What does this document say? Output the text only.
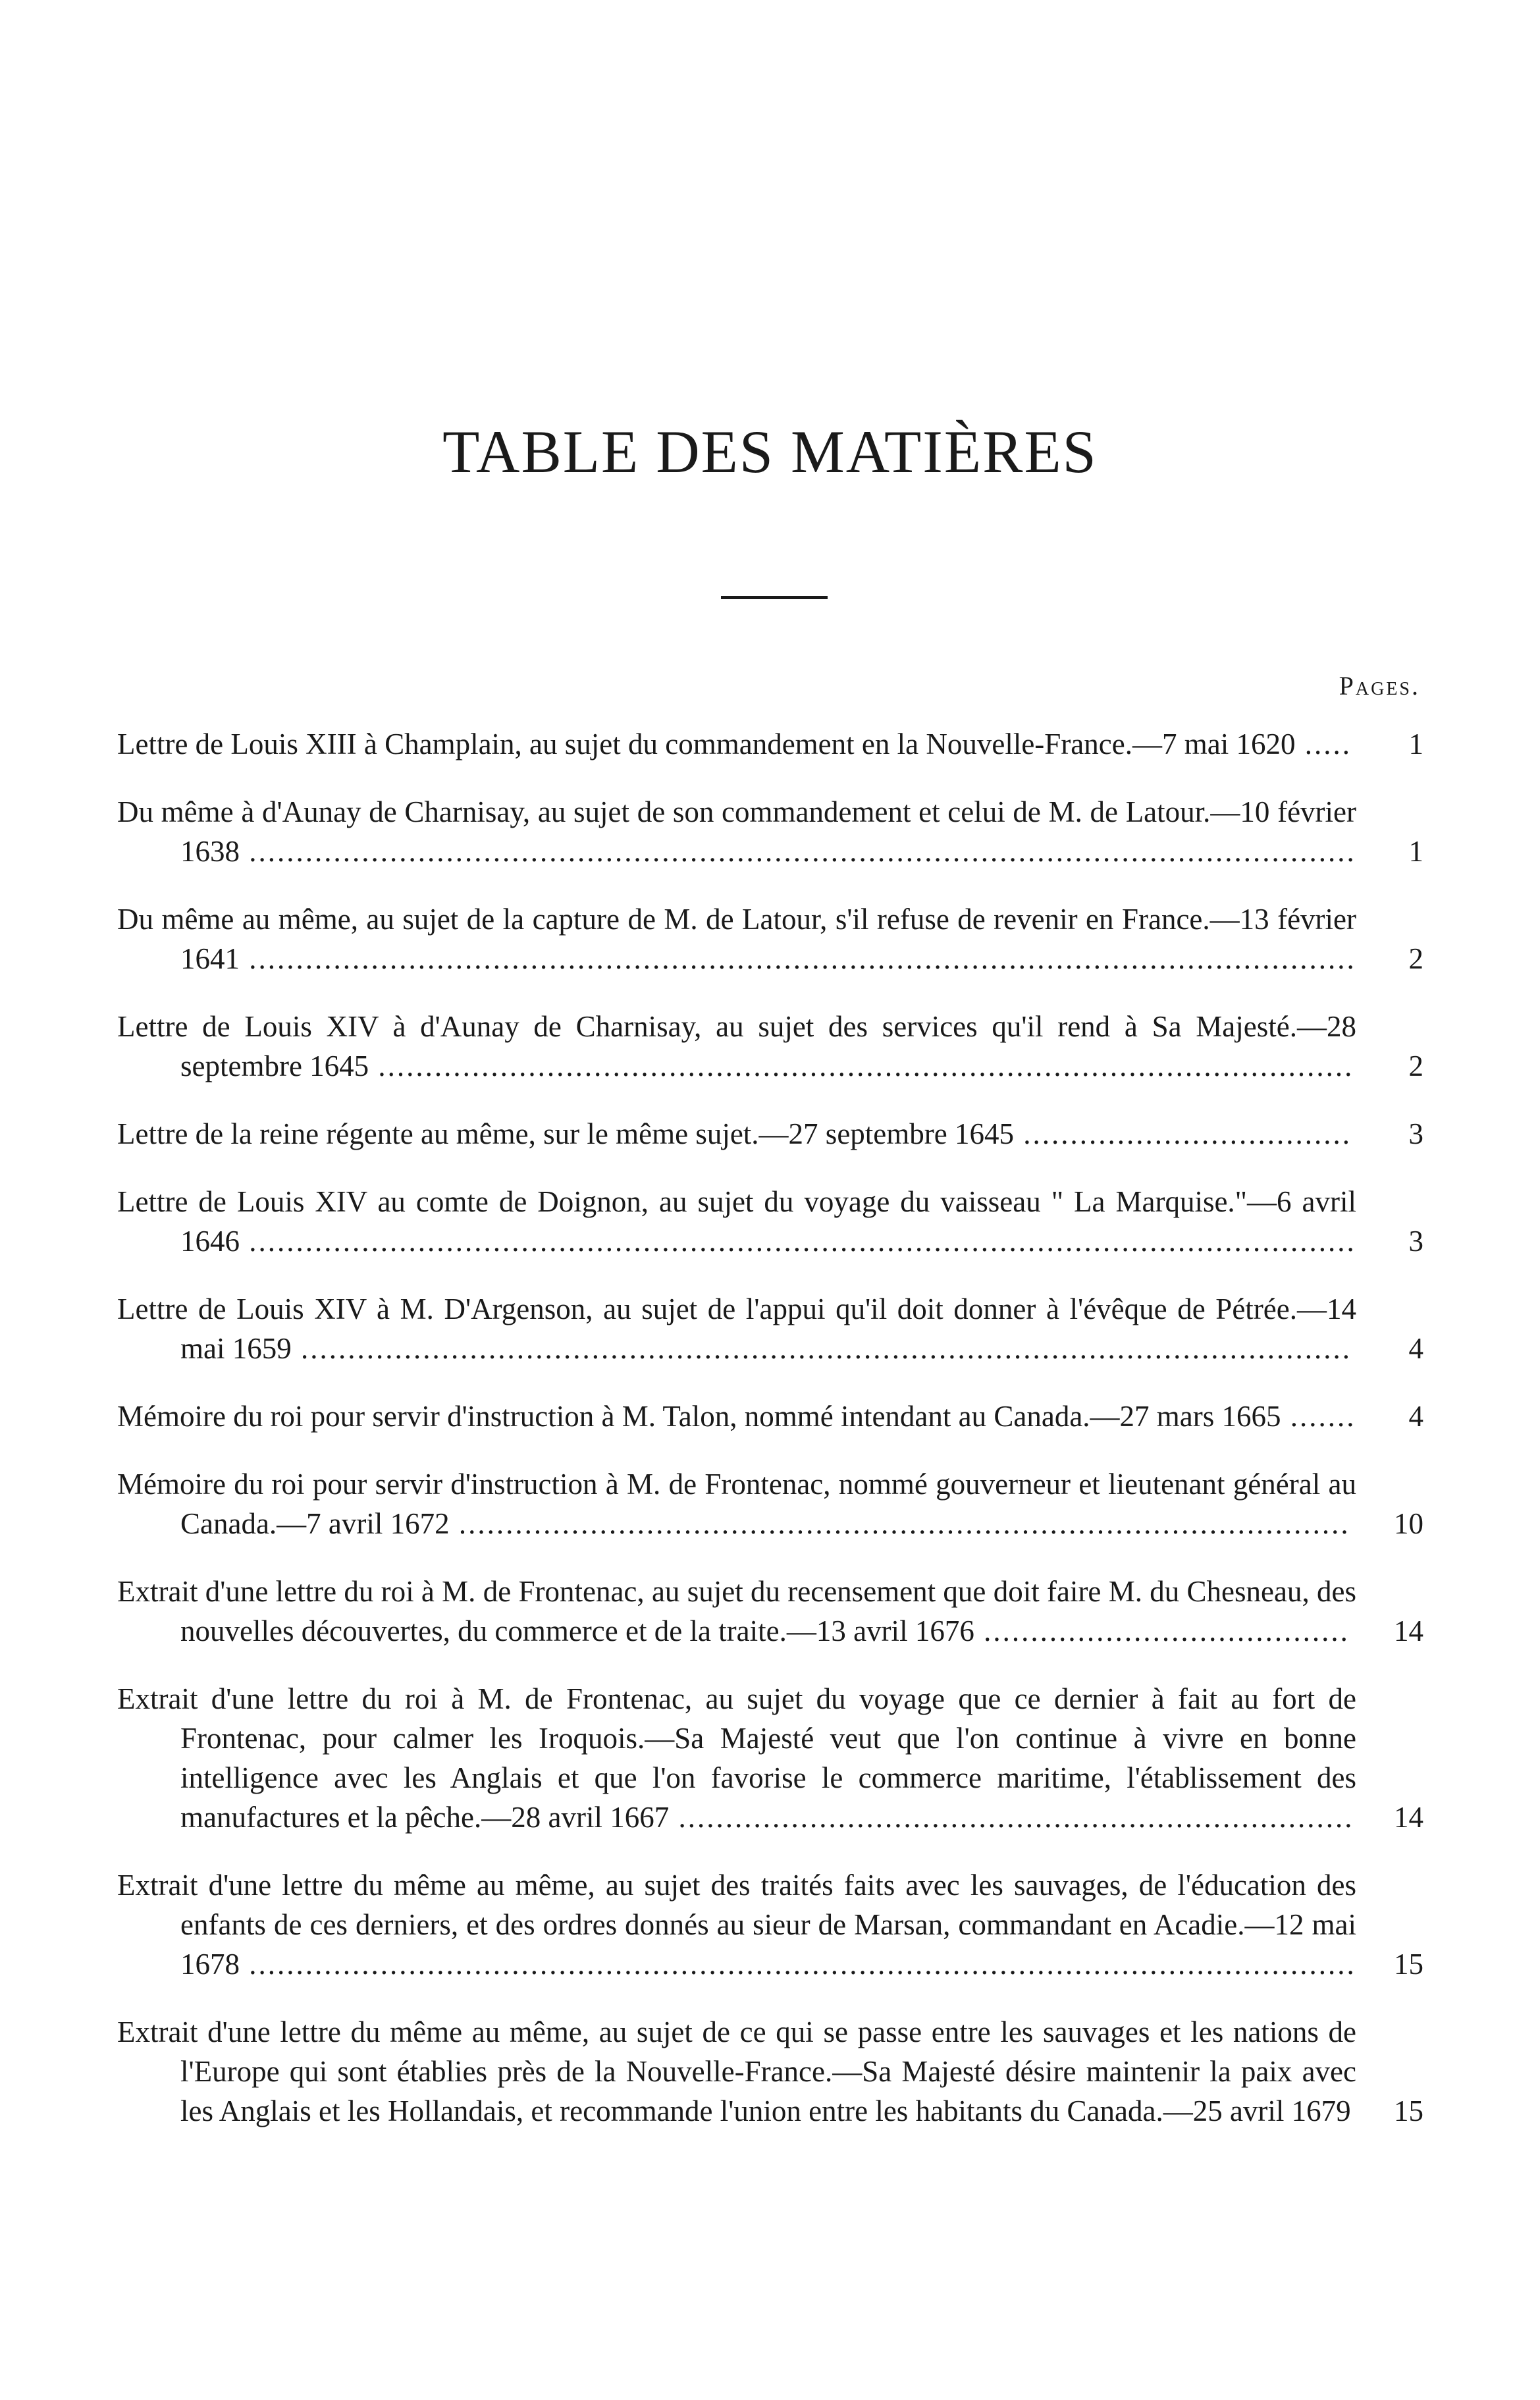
TABLE DES MATIÈRES
Pages.
Lettre de Louis XIII à Champlain, au sujet du commandement en la Nouvelle-France.—7 mai 1620 .....	1
Du même à d'Aunay de Charnisay, au sujet de son commandement et celui de M. de Latour.—10 février 1638 ......................................................................................................................	1
Du même au même, au sujet de la capture de M. de Latour, s'il refuse de revenir en France.—13 février 1641 ......................................................................................................................	2
Lettre de Louis XIV à d'Aunay de Charnisay, au sujet des services qu'il rend à Sa Majesté.—28 septembre 1645 ........................................................................................................	2
Lettre de la reine régente au même, sur le même sujet.—27 septembre 1645 ...................................	3
Lettre de Louis XIV au comte de Doignon, au sujet du voyage du vaisseau " La Marquise."—6 avril 1646 ......................................................................................................................	3
Lettre de Louis XIV à M. D'Argenson, au sujet de l'appui qu'il doit donner à l'évêque de Pétrée.—14 mai 1659 ................................................................................................................	4
Mémoire du roi pour servir d'instruction à M. Talon, nommé intendant au Canada.—27 mars 1665 .......	4
Mémoire du roi pour servir d'instruction à M. de Frontenac, nommé gouverneur et lieutenant général au Canada.—7 avril 1672 ...............................................................................................	10
Extrait d'une lettre du roi à M. de Frontenac, au sujet du recensement que doit faire M. du Chesneau, des nouvelles découvertes, du commerce et de la traite.—13 avril 1676 .......................................	14
Extrait d'une lettre du roi à M. de Frontenac, au sujet du voyage que ce dernier à fait au fort de Frontenac, pour calmer les Iroquois.—Sa Majesté veut que l'on continue à vivre en bonne intelligence avec les Anglais et que l'on favorise le commerce maritime, l'établissement des manufactures et la pêche.—28 avril 1667 ........................................................................	14
Extrait d'une lettre du même au même, au sujet des traités faits avec les sauvages, de l'éducation des enfants de ces derniers, et des ordres donnés au sieur de Marsan, commandant en Acadie.—12 mai 1678 ......................................................................................................................	15
Extrait d'une lettre du même au même, au sujet de ce qui se passe entre les sauvages et les nations de l'Europe qui sont établies près de la Nouvelle-France.—Sa Majesté désire maintenir la paix avec les Anglais et les Hollandais, et recommande l'union entre les habitants du Canada.—25 avril 1679	15
